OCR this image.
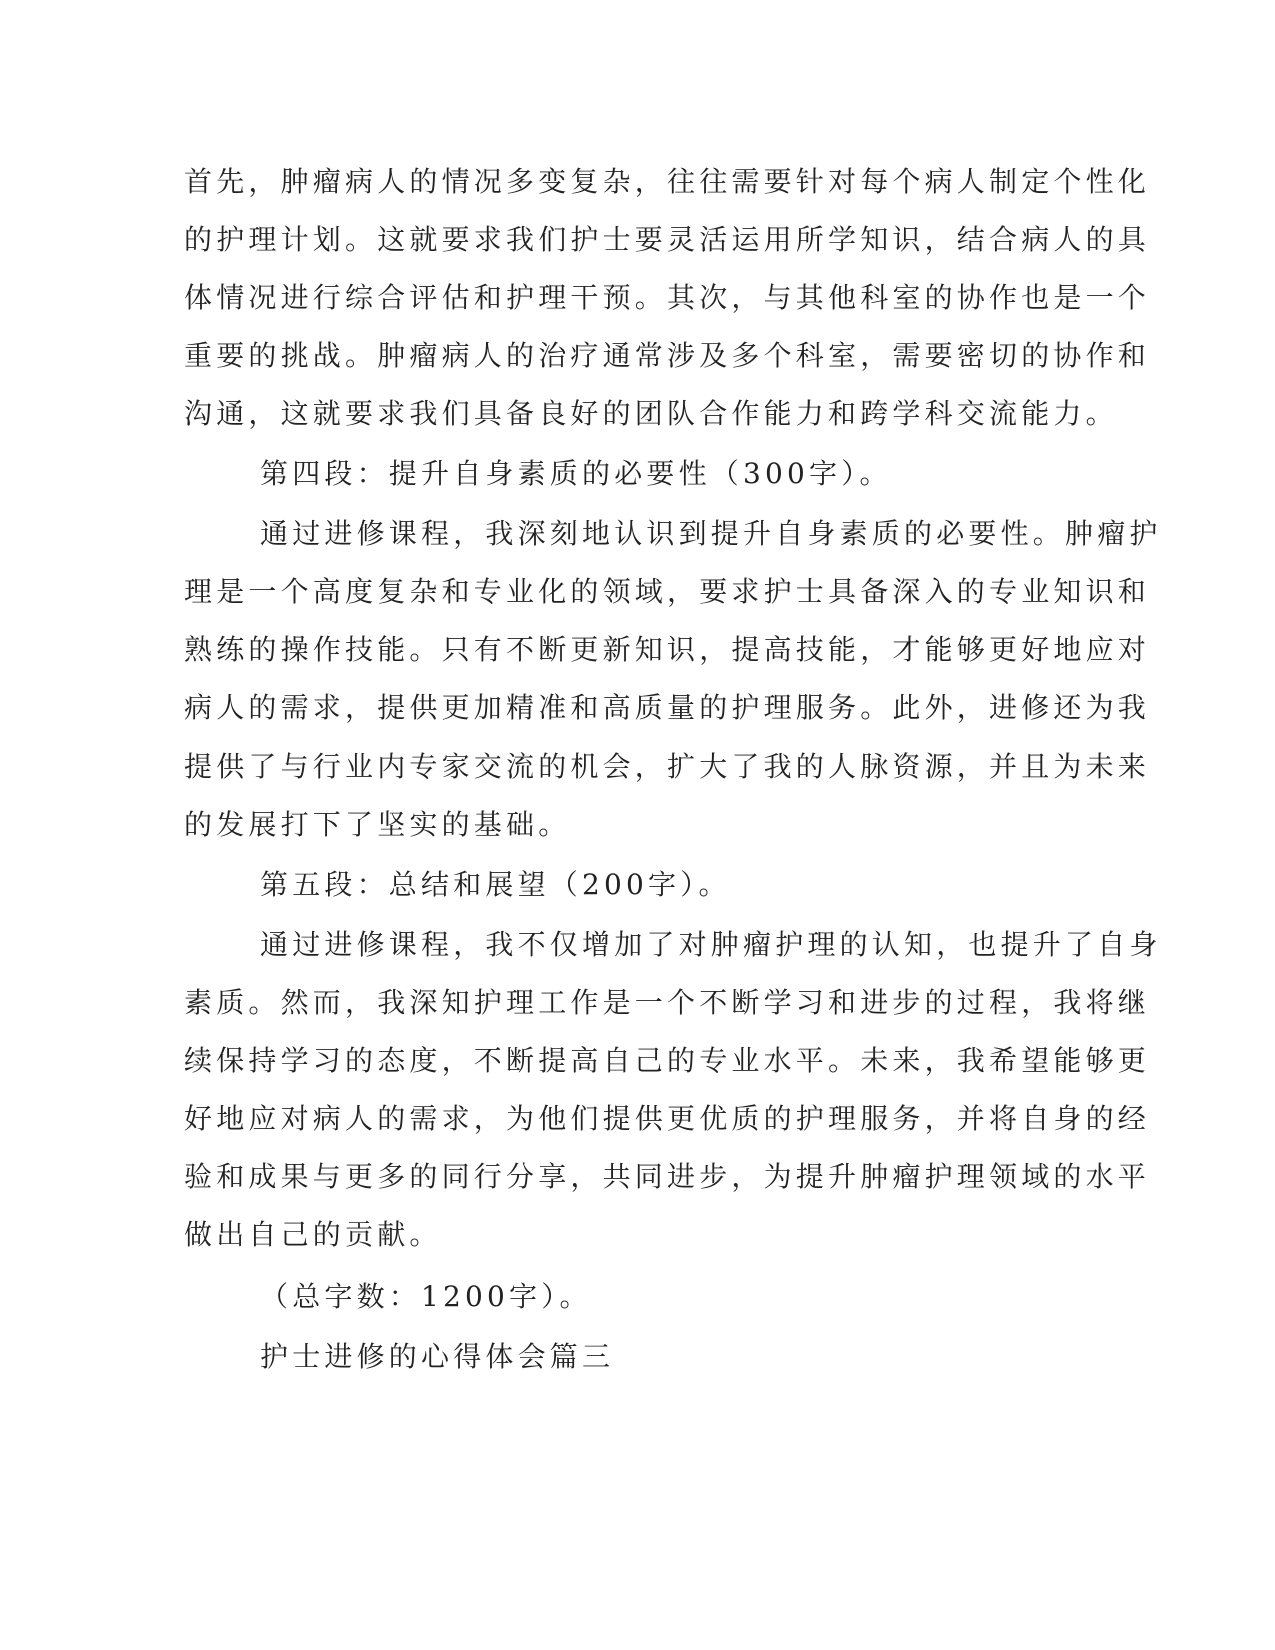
首先，肿瘤病人的情况多变复杂，往往需要针对每个病人制定个性化
的护理计划。这就要求我们护士要灵活运用所学知识，结合病人的具
体情况进行综合评估和护理干预。其次，与其他科室的协作也是一个
重要的挑战。肿瘤病人的治疗通常涉及多个科室，需要密切的协作和
沟通，这就要求我们具备良好的团队合作能力和跨学科交流能力。
第四段：提升自身素质的必要性（300字）。
通过进修课程，我深刻地认识到提升自身素质的必要性。肿瘤护
理是一个高度复杂和专业化的领域，要求护士具备深入的专业知识和
熟练的操作技能。只有不断更新知识，提高技能，才能够更好地应对
病人的需求，提供更加精准和高质量的护理服务。此外，进修还为我
提供了与行业内专家交流的机会，扩大了我的人脉资源，并且为未来
的发展打下了坚实的基础。
第五段：总结和展望（200字）。
通过进修课程，我不仅增加了对肿瘤护理的认知，也提升了自身
素质。然而，我深知护理工作是一个不断学习和进步的过程，我将继
续保持学习的态度，不断提高自己的专业水平。未来，我希望能够更
好地应对病人的需求，为他们提供更优质的护理服务，并将自身的经
验和成果与更多的同行分享，共同进步，为提升肿瘤护理领域的水平
做出自己的贡献。
（总字数：1200字）。
护士进修的心得体会篇三
